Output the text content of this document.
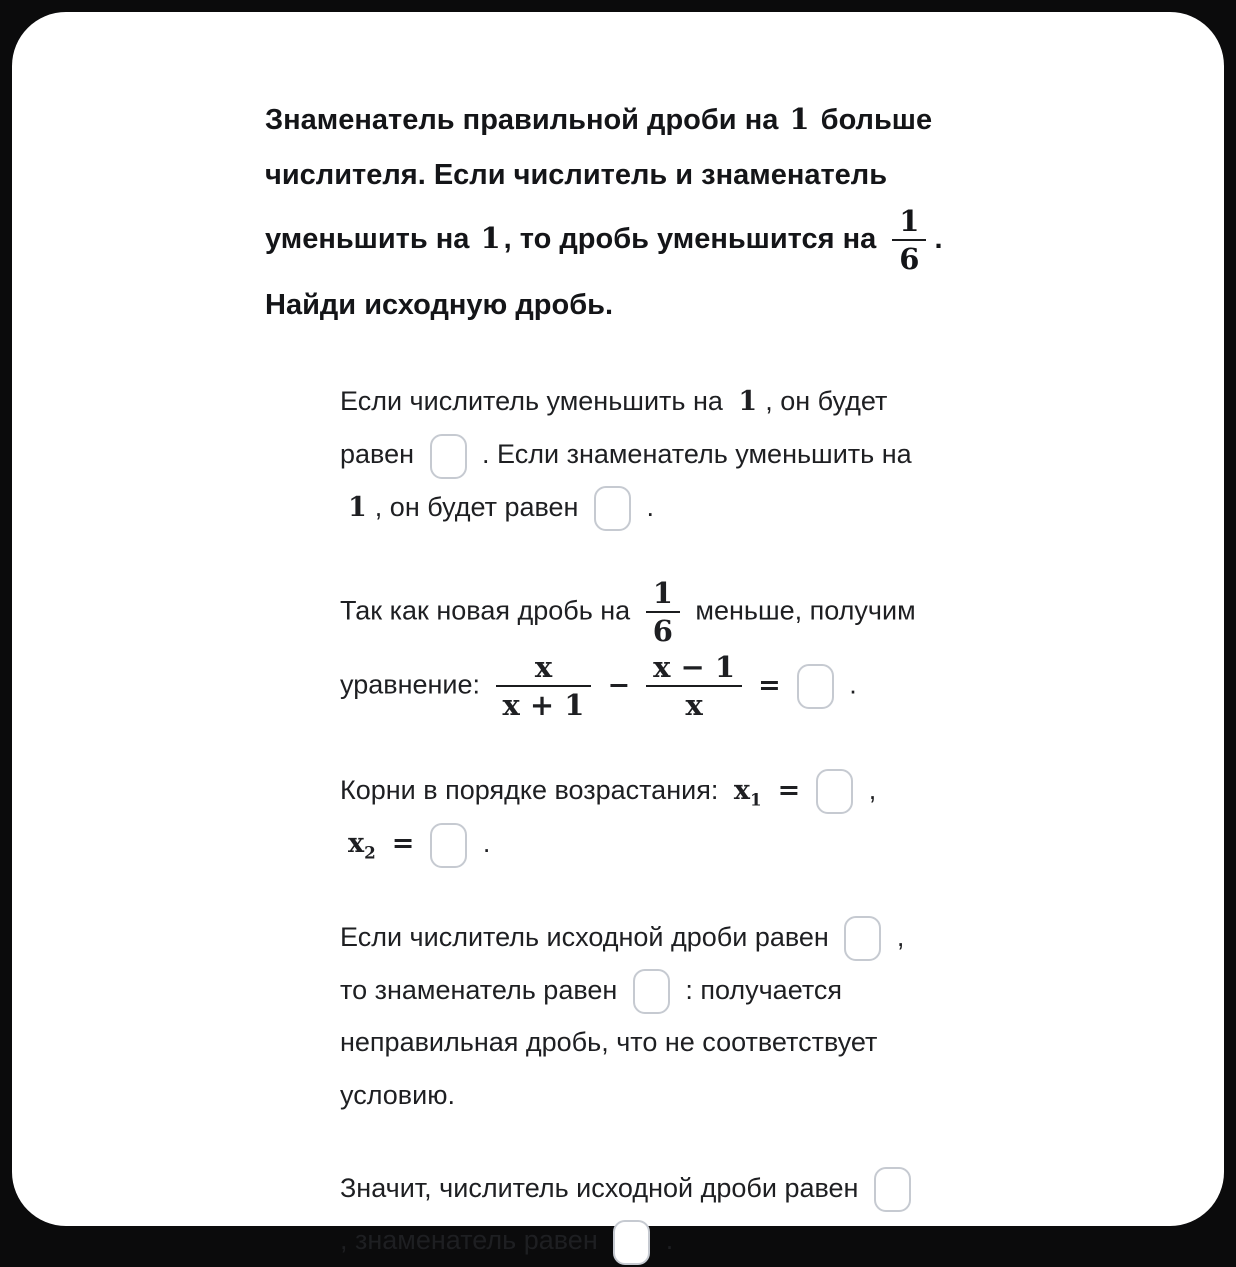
Знаменатель правильной дроби на 1 больше числителя. Если числитель и знаменатель уменьшить на 1 , то дробь уменьшится на $\frac{1}{6}$ . Найди исходную дробь.
Если числитель уменьшить на 1 , он будет равен  . Если знаменатель уменьшить на 1 , он будет равен  .
Так как новая дробь на $\frac{1}{6}$ меньше, получим уравнение: $\frac{x}{x + 1} - \frac{x - 1}{x}$ = .
Корни в порядке возрастания: $x_1$ = , $x_2$ = .
Если числитель исходной дроби равен  , то знаменатель равен  : получается неправильная дробь, что не соответствует условию.
Значит, числитель исходной дроби равен  , знаменатель равен  .
